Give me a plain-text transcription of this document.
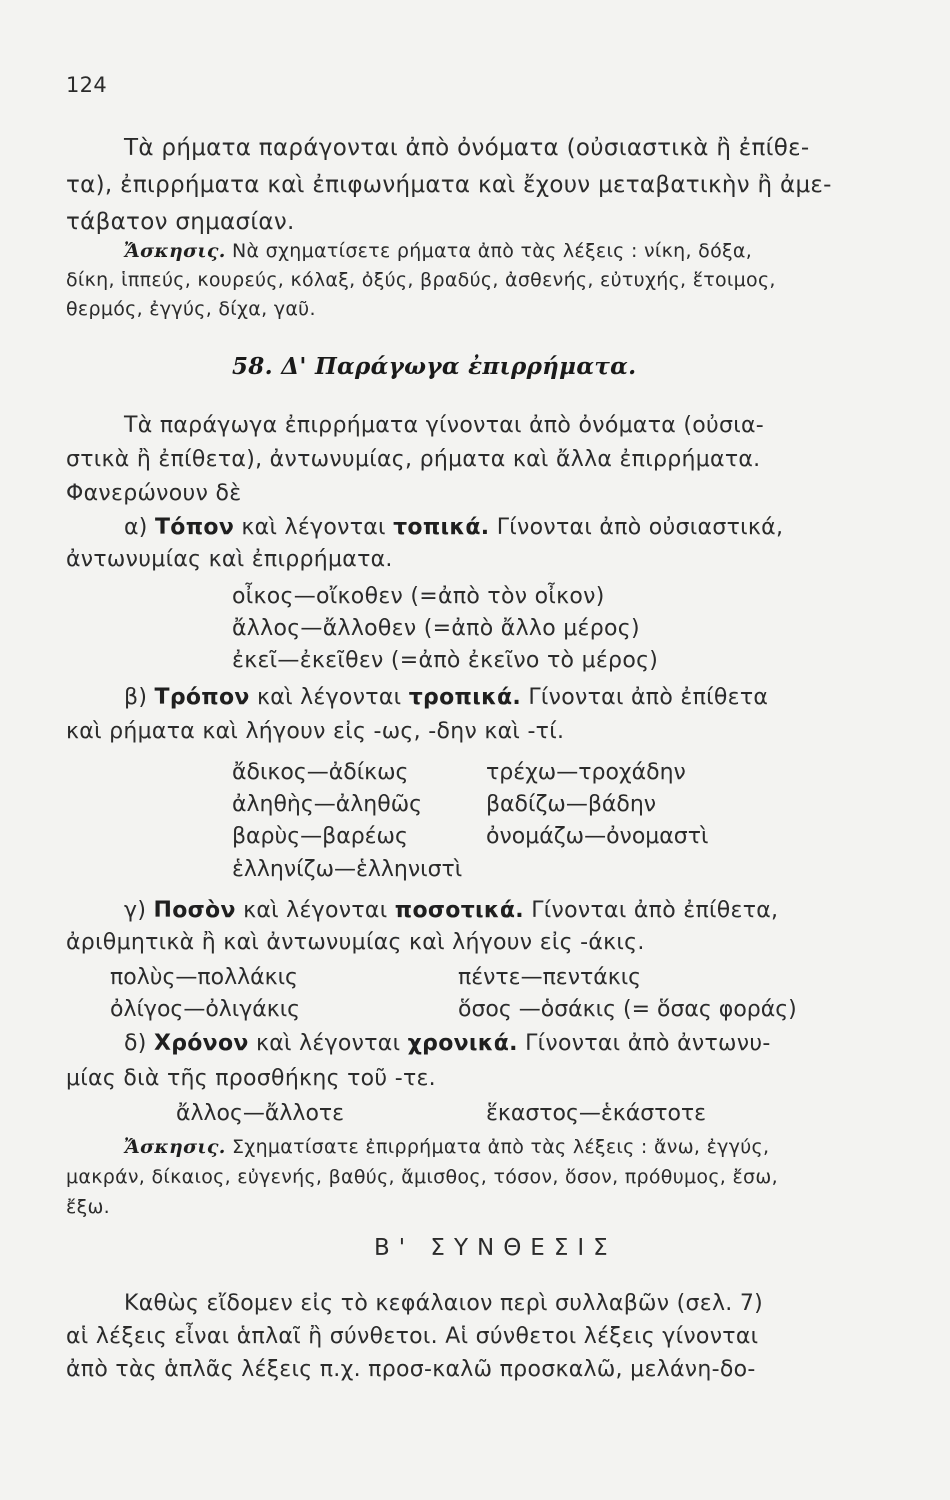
124
Τὰ ρήματα παράγονται ἀπὸ ὀνόματα (οὐσιαστικὰ ἢ ἐπίθε-
τα), ἐπιρρήματα καὶ ἐπιφωνήματα καὶ ἔχουν μεταβατικὴν ἢ ἀμε-
τάβατον σημασίαν.
Ἄσκησις. Νὰ σχηματίσετε ρήματα ἀπὸ τὰς λέξεις : νίκη, δόξα,
δίκη, ἱππεύς, κουρεύς, κόλαξ, ὀξύς, βραδύς, ἀσθενής, εὐτυχής, ἕτοιμος,
θερμός, ἐγγύς, δίχα, γαῦ.
58. Δ' Παράγωγα ἐπιρρήματα.
Τὰ παράγωγα ἐπιρρήματα γίνονται ἀπὸ ὀνόματα (οὐσια-
στικὰ ἢ ἐπίθετα), ἀντωνυμίας, ρήματα καὶ ἄλλα ἐπιρρήματα.
Φανερώνουν δὲ
α) Τόπον καὶ λέγονται τοπικά. Γίνονται ἀπὸ οὐσιαστικά,
ἀντωνυμίας καὶ ἐπιρρήματα.
οἶκος—οἴκοθεν (=ἀπὸ τὸν οἶκον)
ἄλλος—ἄλλοθεν (=ἀπὸ ἄλλο μέρος)
ἐκεῖ—ἐκεῖθεν (=ἀπὸ ἐκεῖνο τὸ μέρος)
β) Τρόπον καὶ λέγονται τροπικά. Γίνονται ἀπὸ ἐπίθετα
καὶ ρήματα καὶ λήγουν εἰς -ως, -δην καὶ -τί.
ἄδικος—ἀδίκως
ἀληθὴς—ἀληθῶς
βαρὺς—βαρέως
ἑλληνίζω—ἑλληνιστὶ
τρέχω—τροχάδην
βαδίζω—βάδην
ὀνομάζω—ὀνομαστὶ
γ) Ποσὸν καὶ λέγονται ποσοτικά. Γίνονται ἀπὸ ἐπίθετα,
ἀριθμητικὰ ἢ καὶ ἀντωνυμίας καὶ λήγουν εἰς -άκις.
πολὺς—πολλάκις
ὀλίγος—ὀλιγάκις
πέντε—πεντάκις
ὅσος —ὁσάκις (= ὅσας φοράς)
δ) Χρόνον καὶ λέγονται χρονικά. Γίνονται ἀπὸ ἀντωνυ-
μίας διὰ τῆς προσθήκης τοῦ -τε.
ἄλλος—ἄλλοτε	ἕκαστος—ἑκάστοτε
Ἄσκησις. Σχηματίσατε ἐπιρρήματα ἀπὸ τὰς λέξεις : ἄνω, ἐγγύς,
μακράν, δίκαιος, εὐγενής, βαθύς, ἄμισθος, τόσον, ὅσον, πρόθυμος, ἔσω,
ἔξω.
Β' ΣΥΝΘΕΣΙΣ
Καθὼς εἴδομεν εἰς τὸ κεφάλαιον περὶ συλλαβῶν (σελ. 7)
αἱ λέξεις εἶναι ἁπλαῖ ἢ σύνθετοι. Αἱ σύνθετοι λέξεις γίνονται
ἀπὸ τὰς ἁπλᾶς λέξεις π.χ. προσ-καλῶ προσκαλῶ, μελάνη-δο-
